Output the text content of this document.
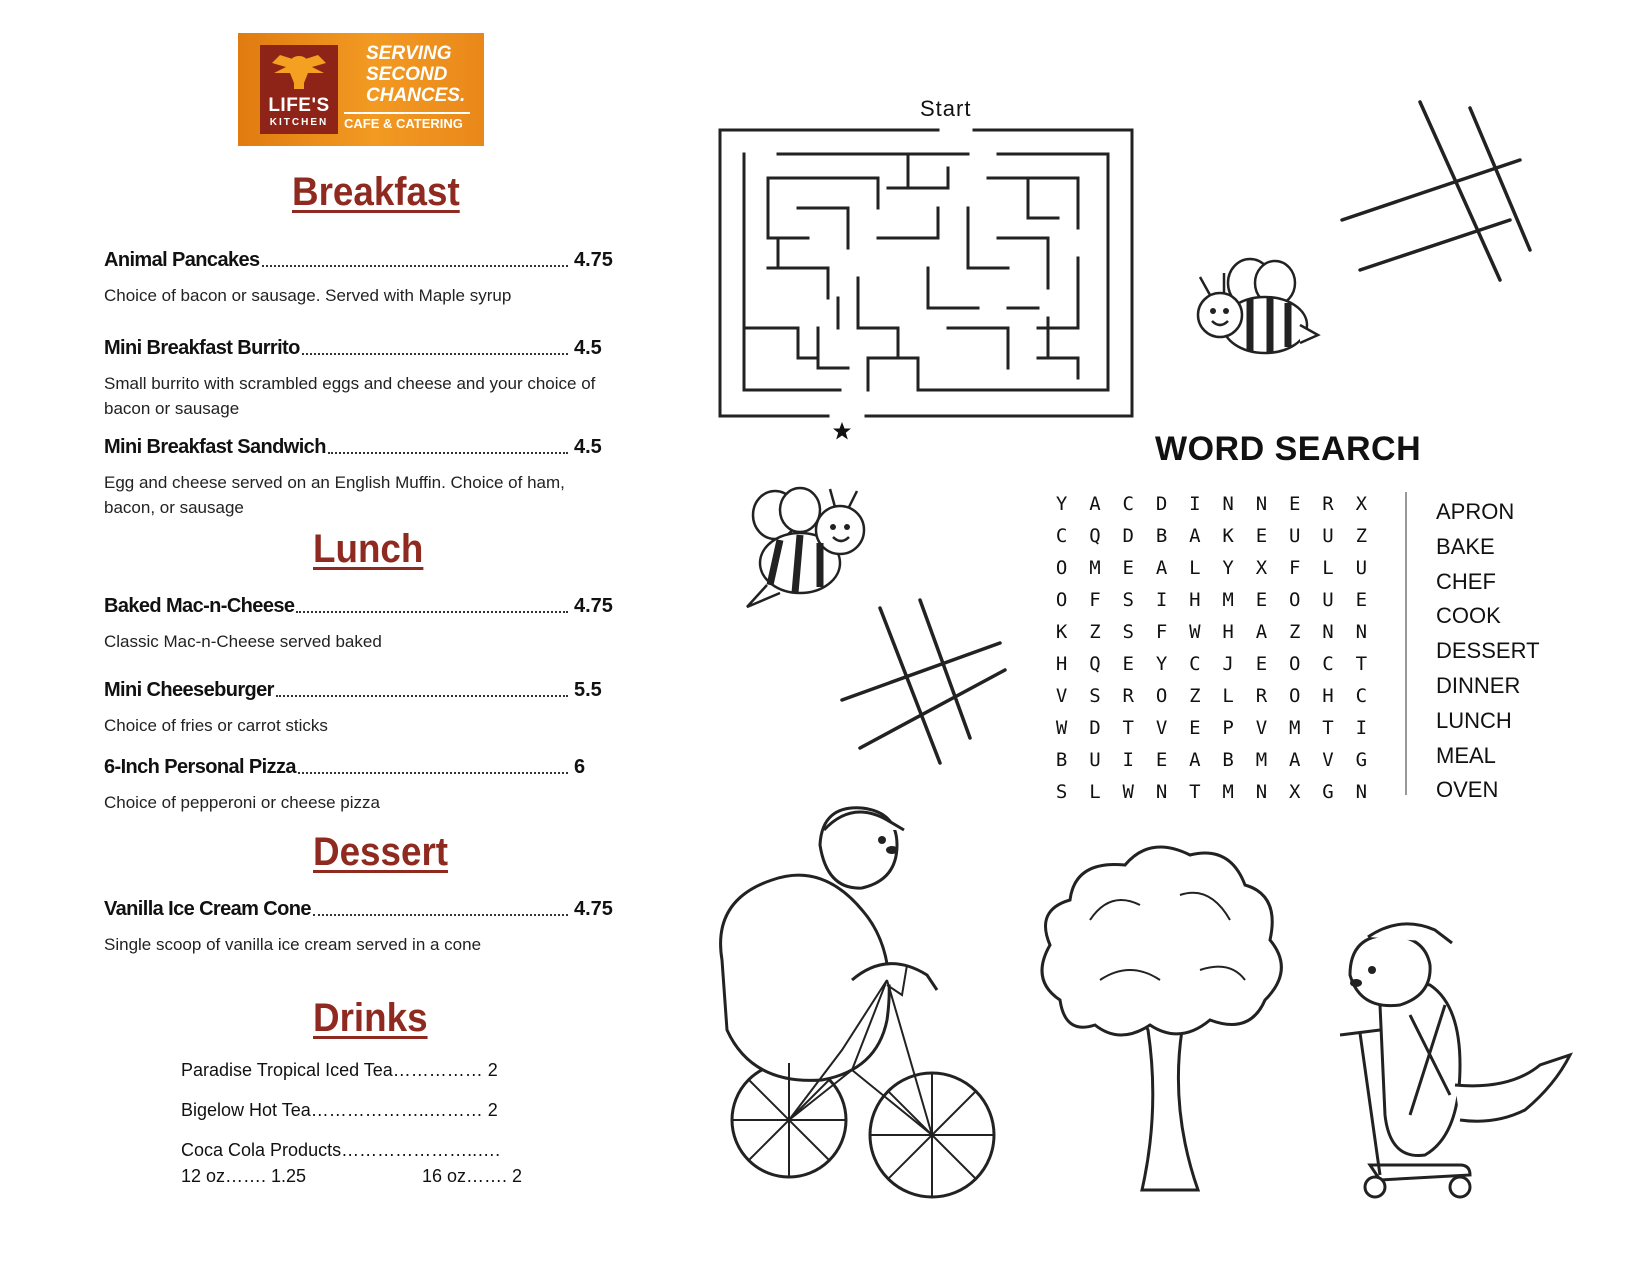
LIFE'S
KITCHEN
SERVING
SECOND
CHANCES.
CAFE & CATERING
Breakfast
Animal Pancakes	4.75
Choice of bacon or sausage. Served with Maple syrup
Mini Breakfast Burrito	4.5
Small burrito with scrambled eggs and cheese and your choice of bacon or sausage
Mini Breakfast Sandwich	4.5
Egg and cheese served on an English Muffin. Choice of ham, bacon, or sausage
Lunch
Baked Mac-n-Cheese	4.75
Classic Mac-n-Cheese served baked
Mini Cheeseburger	5.5
Choice of fries or carrot sticks
6-Inch Personal Pizza	6
Choice of pepperoni or cheese pizza
Dessert
Vanilla Ice Cream Cone	4.75
Single scoop of vanilla ice cream served in a cone
Drinks
Paradise Tropical Iced Tea…………… 2
Bigelow Hot Tea………………..……… 2
Coca Cola Products…………………..….
12 oz……. 1.25	16 oz……. 2
Start
WORD SEARCH
Y	A	C	D	I	N	N	E	R	X
C	Q	D	B	A	K	E	U	U	Z
O	M	E	A	L	Y	X	F	L	U
O	F	S	I	H	M	E	O	U	E
K	Z	S	F	W	H	A	Z	N	N
H	Q	E	Y	C	J	E	O	C	T
V	S	R	O	Z	L	R	O	H	C
W	D	T	V	E	P	V	M	T	I
B	U	I	E	A	B	M	A	V	G
S	L	W	N	T	M	N	X	G	N
APRON
BAKE
CHEF
COOK
DESSERT
DINNER
LUNCH
MEAL
OVEN
